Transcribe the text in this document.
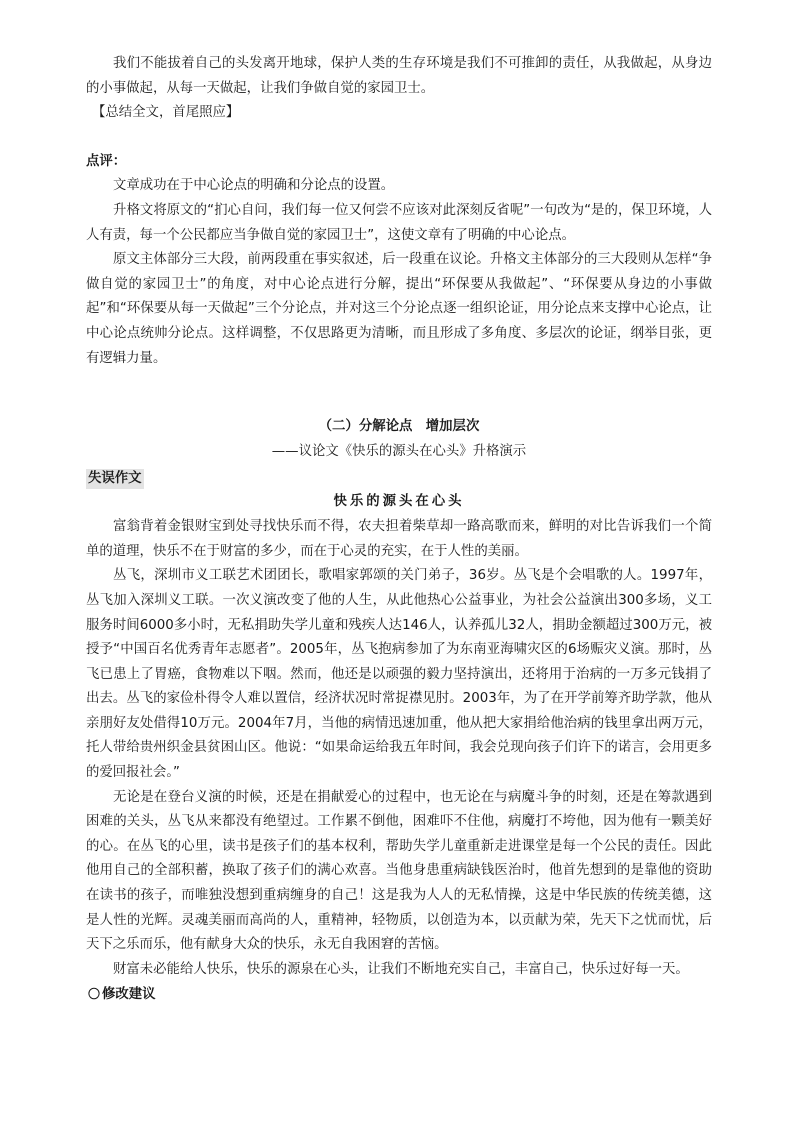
我们不能拔着自己的头发离开地球，保护人类的生存环境是我们不可推卸的责任，从我做起，从身边的小事做起，从每一天做起，让我们争做自觉的家园卫士。

【总结全文，首尾照应】

点评：

文章成功在于中心论点的明确和分论点的设置。

升格文将原文的“扪心自问，我们每一位又何尝不应该对此深刻反省呢”一句改为“是的，保卫环境，人人有责，每一个公民都应当争做自觉的家园卫士”，这使文章有了明确的中心论点。

原文主体部分三大段，前两段重在事实叙述，后一段重在议论。升格文主体部分的三大段则从怎样“争做自觉的家园卫士”的角度，对中心论点进行分解，提出“环保要从我做起”、“环保要从身边的小事做起”和“环保要从每一天做起”三个分论点，并对这三个分论点逐一组织论证，用分论点来支撑中心论点，让中心论点统帅分论点。这样调整，不仅思路更为清晰，而且形成了多角度、多层次的论证，纲举目张，更有逻辑力量。

（二）分解论点　增加层次
——议论文《快乐的源头在心头》升格演示
失误作文
快乐的源头在心头

富翁背着金银财宝到处寻找快乐而不得，农夫担着柴草却一路高歌而来，鲜明的对比告诉我们一个简单的道理，快乐不在于财富的多少，而在于心灵的充实，在于人性的美丽。

丛飞，深圳市义工联艺术团团长，歌唱家郭颂的关门弟子，36岁。丛飞是个会唱歌的人。1997年，丛飞加入深圳义工联。一次义演改变了他的人生，从此他热心公益事业，为社会公益演出300多场，义工服务时间6000多小时，无私捐助失学儿童和残疾人达146人，认养孤儿32人，捐助金额超过300万元，被授予“中国百名优秀青年志愿者”。2005年，丛飞抱病参加了为东南亚海啸灾区的6场赈灾义演。那时，丛飞已患上了胃癌，食物难以下咽。然而，他还是以顽强的毅力坚持演出，还将用于治病的一万多元钱捐了出去。丛飞的家俭朴得令人难以置信，经济状况时常捉襟见肘。2003年，为了在开学前筹齐助学款，他从亲朋好友处借得10万元。2004年7月，当他的病情迅速加重，他从把大家捐给他治病的钱里拿出两万元，托人带给贵州织金县贫困山区。他说：“如果命运给我五年时间，我会兑现向孩子们许下的诺言，会用更多的爱回报社会。”

无论是在登台义演的时候，还是在捐献爱心的过程中，也无论在与病魔斗争的时刻，还是在筹款遇到困难的关头，丛飞从来都没有绝望过。工作累不倒他，困难吓不住他，病魔打不垮他，因为他有一颗美好的心。在丛飞的心里，读书是孩子们的基本权利，帮助失学儿童重新走进课堂是每一个公民的责任。因此他用自己的全部积蓄，换取了孩子们的满心欢喜。当他身患重病缺钱医治时，他首先想到的是靠他的资助在读书的孩子，而唯独没想到重病缠身的自己！这是我为人人的无私情操，这是中华民族的传统美德，这是人性的光辉。灵魂美丽而高尚的人，重精神，轻物质，以创造为本，以贡献为荣，先天下之忧而忧，后天下之乐而乐，他有献身大众的快乐，永无自我困窘的苦恼。

财富未必能给人快乐，快乐的源泉在心头，让我们不断地充实自己，丰富自己，快乐过好每一天。

〇 修改建议
